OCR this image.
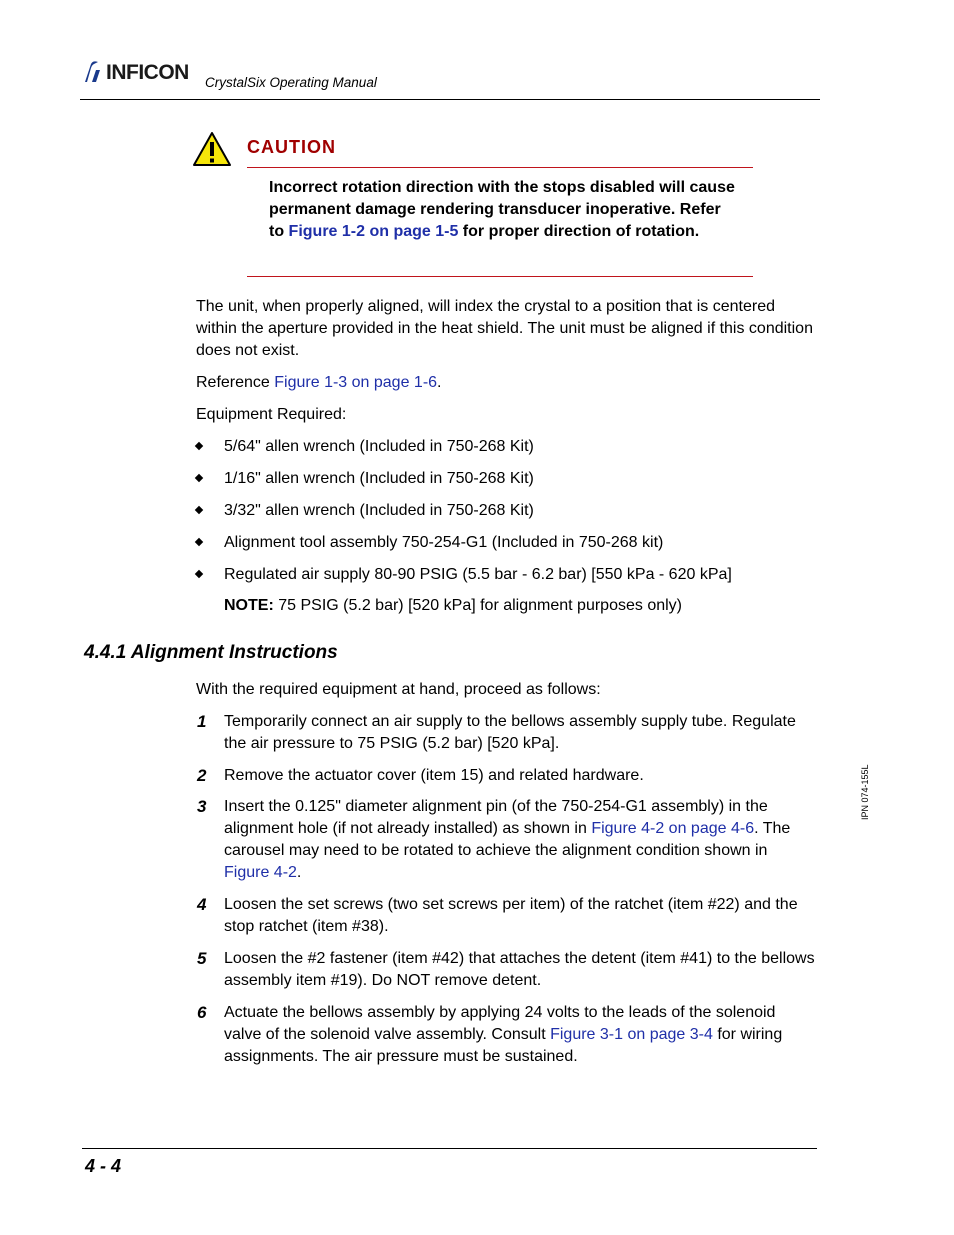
INFICON CrystalSix Operating Manual
CAUTION
Incorrect rotation direction with the stops disabled will cause permanent damage rendering transducer inoperative. Refer to Figure 1-2 on page 1-5 for proper direction of rotation.
The unit, when properly aligned, will index the crystal to a position that is centered within the aperture provided in the heat shield. The unit must be aligned if this condition does not exist.
Reference Figure 1-3 on page 1-6.
Equipment Required:
5/64" allen wrench (Included in 750-268 Kit)
1/16" allen wrench (Included in 750-268 Kit)
3/32" allen wrench (Included in 750-268 Kit)
Alignment tool assembly 750-254-G1 (Included in 750-268 kit)
Regulated air supply 80-90 PSIG (5.5 bar - 6.2 bar) [550 kPa - 620 kPa]
NOTE: 75 PSIG (5.2 bar) [520 kPa] for alignment purposes only)
4.4.1 Alignment Instructions
With the required equipment at hand, proceed as follows:
1 Temporarily connect an air supply to the bellows assembly supply tube. Regulate the air pressure to 75 PSIG (5.2 bar) [520 kPa].
2 Remove the actuator cover (item 15) and related hardware.
3 Insert the 0.125" diameter alignment pin (of the 750-254-G1 assembly) in the alignment hole (if not already installed) as shown in Figure 4-2 on page 4-6. The carousel may need to be rotated to achieve the alignment condition shown in Figure 4-2.
4 Loosen the set screws (two set screws per item) of the ratchet (item #22) and the stop ratchet (item #38).
5 Loosen the #2 fastener (item #42) that attaches the detent (item #41) to the bellows assembly item #19). Do NOT remove detent.
6 Actuate the bellows assembly by applying 24 volts to the leads of the solenoid valve of the solenoid valve assembly. Consult Figure 3-1 on page 3-4 for wiring assignments. The air pressure must be sustained.
IPN 074-155L
4 - 4
